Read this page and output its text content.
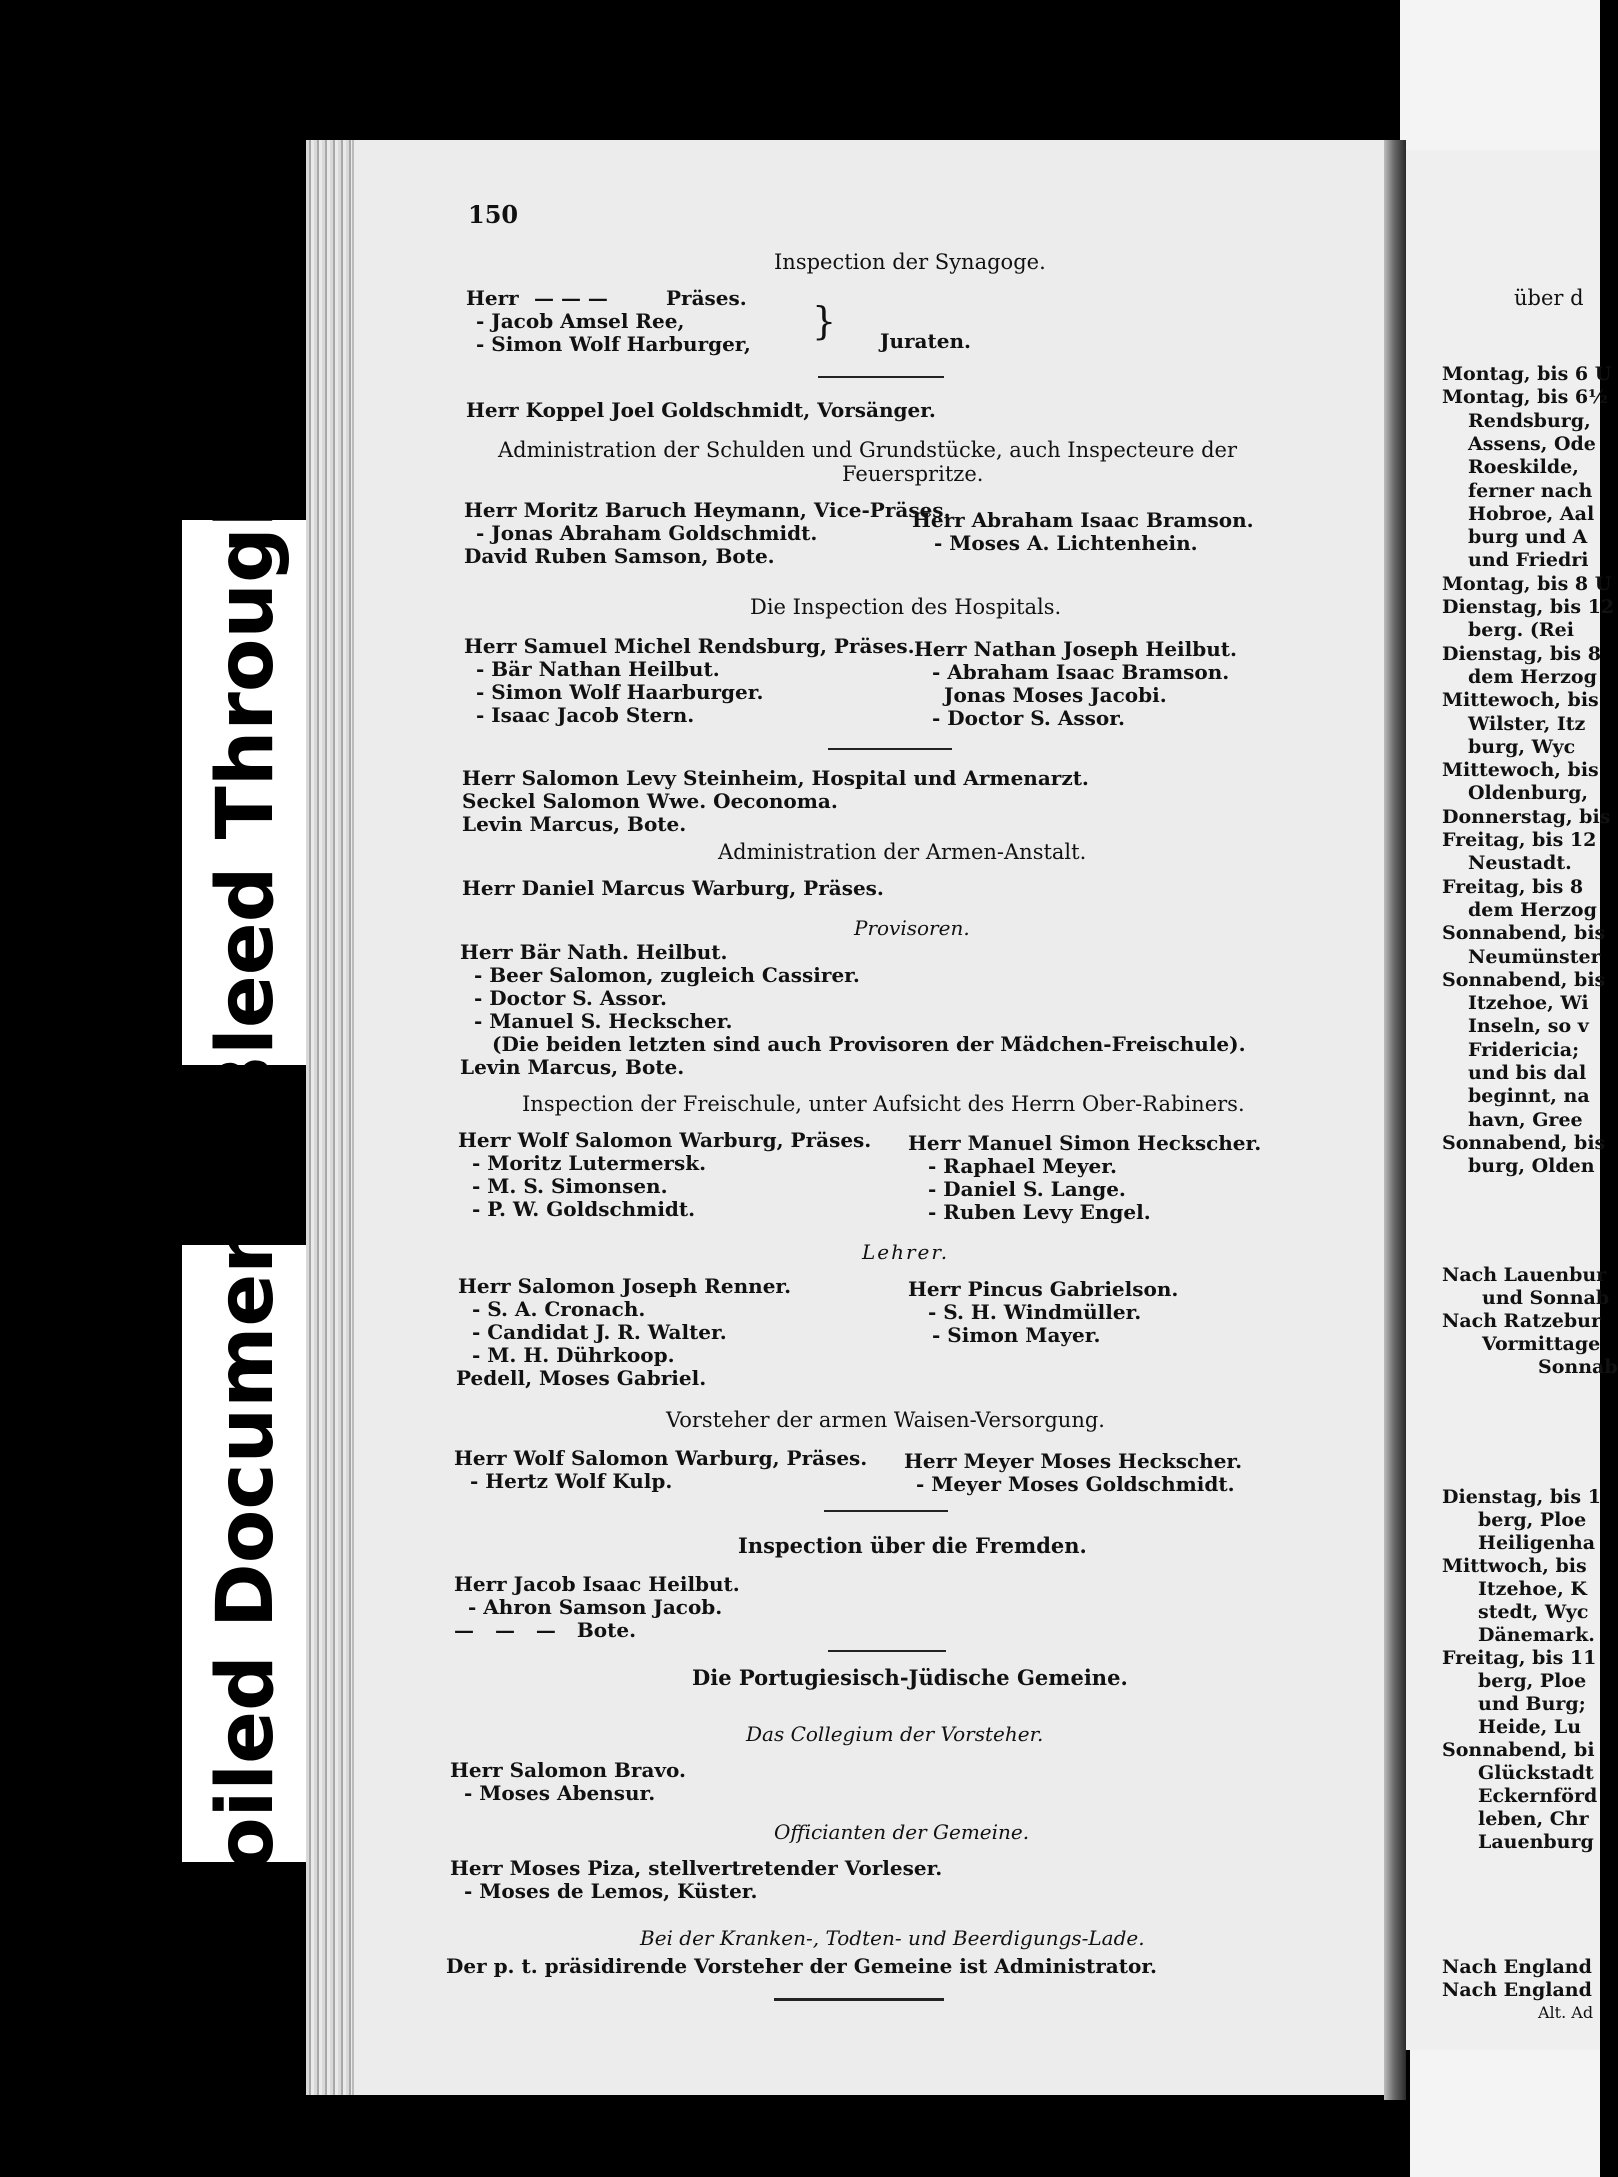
Bleed Through
Soiled Document
150
Inspection der Synagoge.
Herr — — —	Präses.
- Jacob Amsel Ree,
- Simon Wolf Harburger,
} Juraten.
Herr Koppel Joel Goldschmidt, Vorsänger.
Administration der Schulden und Grundstücke, auch Inspecteure der
Feuerspritze.
Herr Moritz Baruch Heymann, Vice-Präses.
- Jonas Abraham Goldschmidt.
David Ruben Samson, Bote.
Herr Abraham Isaac Bramson.
- Moses A. Lichtenhein.
Die Inspection des Hospitals.
Herr Samuel Michel Rendsburg, Präses.
- Bär Nathan Heilbut.
- Simon Wolf Haarburger.
- Isaac Jacob Stern.
Herr Nathan Joseph Heilbut.
- Abraham Isaac Bramson.
Jonas Moses Jacobi.
- Doctor S. Assor.
Herr Salomon Levy Steinheim, Hospital und Armenarzt.
Seckel Salomon Wwe. Oeconoma.
Levin Marcus, Bote.
Administration der Armen-Anstalt.
Herr Daniel Marcus Warburg, Präses.
Provisoren.
Herr Bär Nath. Heilbut.
- Beer Salomon, zugleich Cassirer.
- Doctor S. Assor.
- Manuel S. Heckscher.
(Die beiden letzten sind auch Provisoren der Mädchen-Freischule).
Levin Marcus, Bote.
Inspection der Freischule, unter Aufsicht des Herrn Ober-Rabiners.
Herr Wolf Salomon Warburg, Präses.
- Moritz Lutermersk.
- M. S. Simonsen.
- P. W. Goldschmidt.
Herr Manuel Simon Heckscher.
- Raphael Meyer.
- Daniel S. Lange.
- Ruben Levy Engel.
Lehrer.
Herr Salomon Joseph Renner.
- S. A. Cronach.
- Candidat J. R. Walter.
- M. H. Dührkoop.
Pedell, Moses Gabriel.
Herr Pincus Gabrielson.
- S. H. Windmüller.
- Simon Mayer.
Vorsteher der armen Waisen-Versorgung.
Herr Wolf Salomon Warburg, Präses.
- Hertz Wolf Kulp.
Herr Meyer Moses Heckscher.
- Meyer Moses Goldschmidt.
Inspection über die Fremden.
Herr Jacob Isaac Heilbut.
- Ahron Samson Jacob.
— — — Bote.
Die Portugiesisch-Jüdische Gemeine.
Das Collegium der Vorsteher.
Herr Salomon Bravo.
- Moses Abensur.
Officianten der Gemeine.
Herr Moses Piza, stellvertretender Vorleser.
- Moses de Lemos, Küster.
Bei der Kranken-, Todten- und Beerdigungs-Lade.
Der p. t. präsidirende Vorsteher der Gemeine ist Administrator.
über d
Montag, bis 6 U
Montag, bis 6½
Rendsburg,
Assens, Ode
Roeskilde,
ferner nach
Hobroe, Aal
burg und A
und Friedri
Montag, bis 8 U
Dienstag, bis 12
berg. (Rei
Dienstag, bis 8
dem Herzog
Mittewoch, bis
Wilster, Itz
burg, Wyc
Mittewoch, bis
Oldenburg,
Donnerstag, bis
Freitag, bis 12
Neustadt.
Freitag, bis 8
dem Herzog
Sonnabend, bis
Neumünster
Sonnabend, bis
Itzehoe, Wi
Inseln, so v
Fridericia;
und bis dal
beginnt, na
havn, Gree
Sonnabend, bis
burg, Olden
Nach Lauenbur
und Sonnab
Nach Ratzebur
Vormittage
Sonnab
Dienstag, bis 1
berg, Ploe
Heiligenha
Mittwoch, bis
Itzehoe, K
stedt, Wyc
Dänemark.
Freitag, bis 11
berg, Ploe
und Burg;
Heide, Lu
Sonnabend, bi
Glückstadt
Eckernförd
leben, Chr
Lauenburg
Nach England
Nach England
Alt. Ad
